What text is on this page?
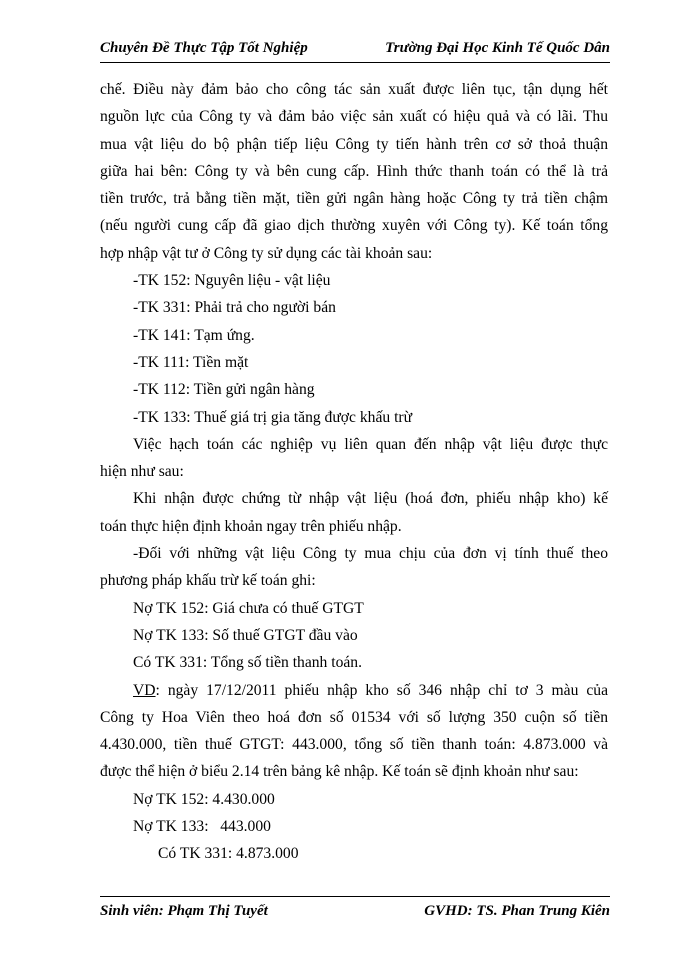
Chuyên Đề Thực Tập Tốt Nghiệp	Trường Đại Học Kinh Tế Quốc Dân

chế. Điều này đảm bảo cho công tác sản xuất được liên tục, tận dụng hết

nguồn lực của Công ty và đảm bảo việc sản xuất có hiệu quả và có lãi. Thu

mua vật liệu do bộ phận tiếp liệu Công ty tiến hành trên cơ sở thoả thuận

giữa hai bên: Công ty và bên cung cấp. Hình thức thanh toán có thể là trả

tiền trước, trả bằng tiền mặt, tiền gửi ngân hàng hoặc Công ty trả tiền chậm

(nếu người cung cấp đã giao dịch thường xuyên với Công ty). Kế toán tổng

hợp nhập vật tư ở Công ty sử dụng các tài khoản sau:

-TK 152: Nguyên liệu - vật liệu

-TK 331: Phải trả cho người bán

-TK 141: Tạm ứng.

-TK 111: Tiền mặt

-TK 112: Tiền gửi ngân hàng

-TK 133: Thuế giá trị gia tăng được khấu trừ

Việc hạch toán các nghiệp vụ liên quan đến nhập vật liệu được thực

hiện như sau:

Khi nhận được chứng từ nhập vật liệu (hoá đơn, phiếu nhập kho) kế

toán thực hiện định khoản ngay trên phiếu nhập.

-Đối với những vật liệu Công ty mua chịu của đơn vị tính thuế theo

phương pháp khấu trừ kế toán ghi:

Nợ TK 152: Giá chưa có thuế GTGT

Nợ TK 133: Số thuế GTGT đầu vào

Có TK 331: Tổng số tiền thanh toán.

VD: ngày 17/12/2011 phiếu nhập kho số 346 nhập chỉ tơ 3 màu của

Công ty Hoa Viên theo hoá đơn số 01534 với số lượng 350 cuộn số tiền

4.430.000, tiền thuế GTGT: 443.000, tổng số tiền thanh toán: 4.873.000 và

được thể hiện ở biểu 2.14 trên bảng kê nhập. Kế toán sẽ định khoản như sau:

Nợ TK 152: 4.430.000

Nợ TK 133:   443.000

Có TK 331: 4.873.000

Sinh viên: Phạm Thị Tuyết	GVHD: TS. Phan Trung Kiên
